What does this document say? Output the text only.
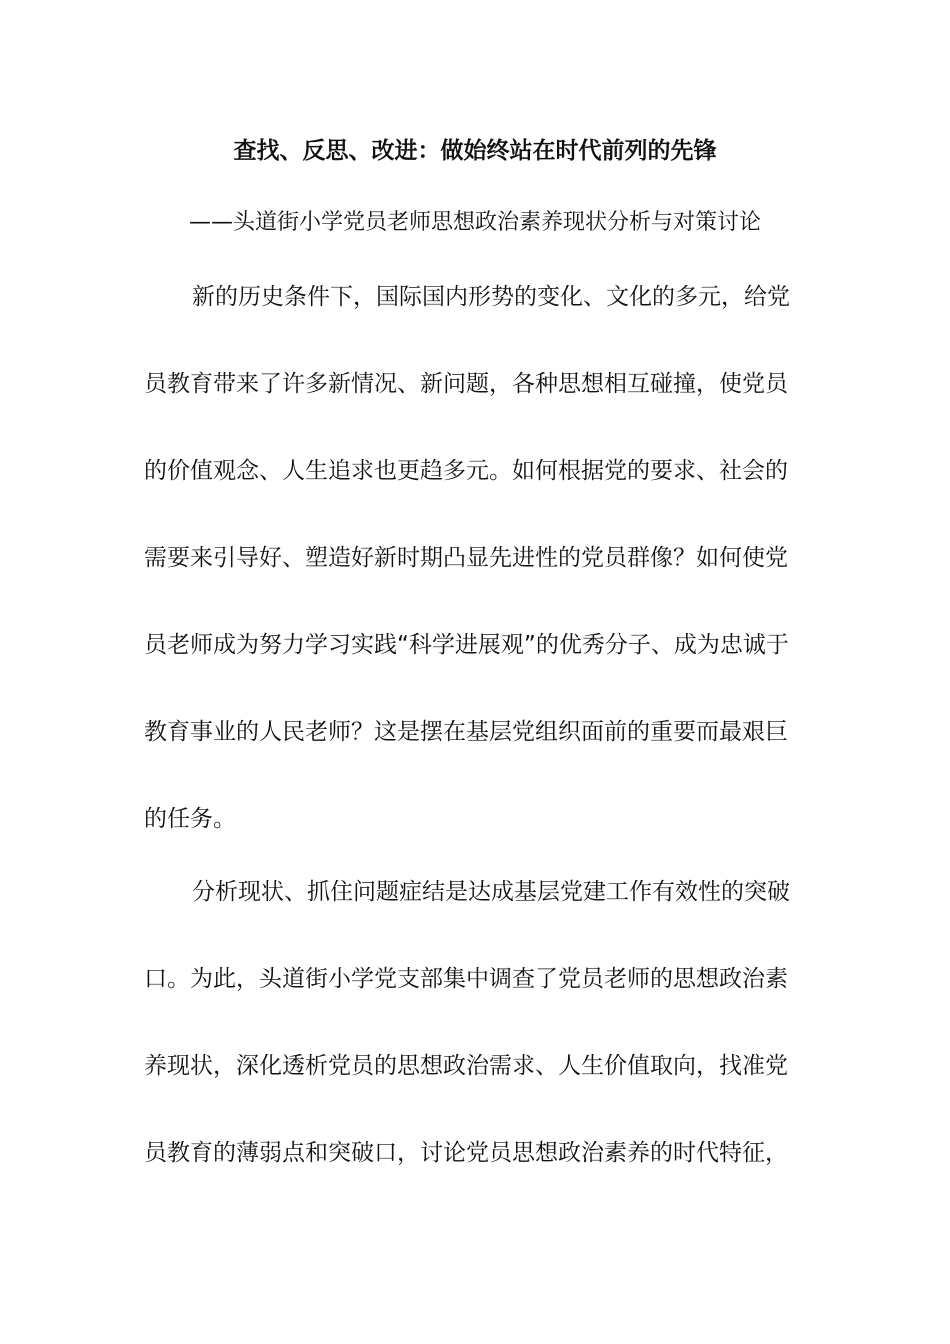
查找、反思、改进：做始终站在时代前列的先锋
——头道街小学党员老师思想政治素养现状分析与对策讨论
新的历史条件下，国际国内形势的变化、文化的多元，给党
员教育带来了许多新情况、新问题，各种思想相互碰撞，使党员
的价值观念、人生追求也更趋多元。如何根据党的要求、社会的
需要来引导好、塑造好新时期凸显先进性的党员群像？如何使党
员老师成为努力学习实践“科学进展观”的优秀分子、成为忠诚于
教育事业的人民老师？这是摆在基层党组织面前的重要而最艰巨
的任务。
分析现状、抓住问题症结是达成基层党建工作有效性的突破
口。为此，头道街小学党支部集中调查了党员老师的思想政治素
养现状，深化透析党员的思想政治需求、人生价值取向，找准党
员教育的薄弱点和突破口，讨论党员思想政治素养的时代特征，
